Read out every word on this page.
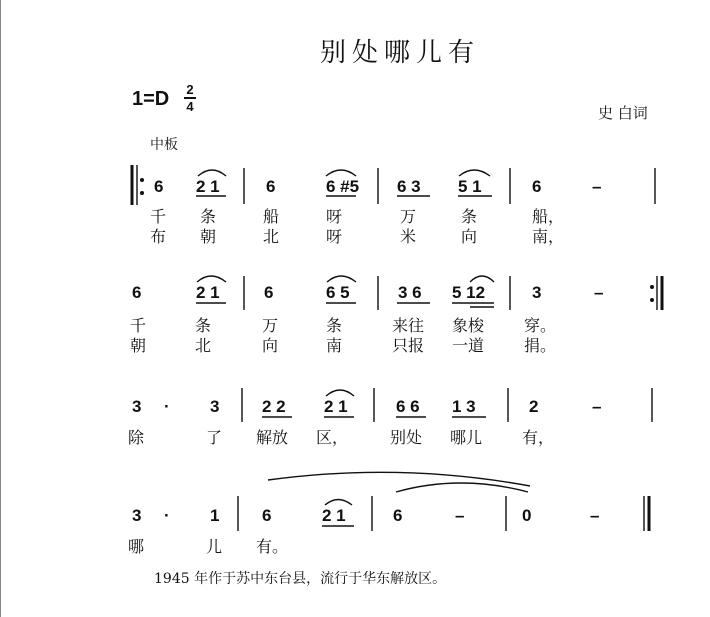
别处哪儿有
1=D 2
4	史 白词
中板
6 2 1	6	6 #5 6 3 5 1	6	–
千 条	船	呀	万	条	船，
布 朝	北	呀	米	向	南，
6	2 1	6	6 5	3 6 5 12	3	–
千	条	万	条	来往 象梭 穿。
朝	北	向	南	只报 一道 捐。
3 · 3	2 2 2 1	6 6 1 3	2	–
除	了 解放 区，	别处 哪儿 有，
3 · 1	6	2 1	6	–	0	–
哪	儿 有。
1945 年作于苏中东台县，流行于华东解放区。
